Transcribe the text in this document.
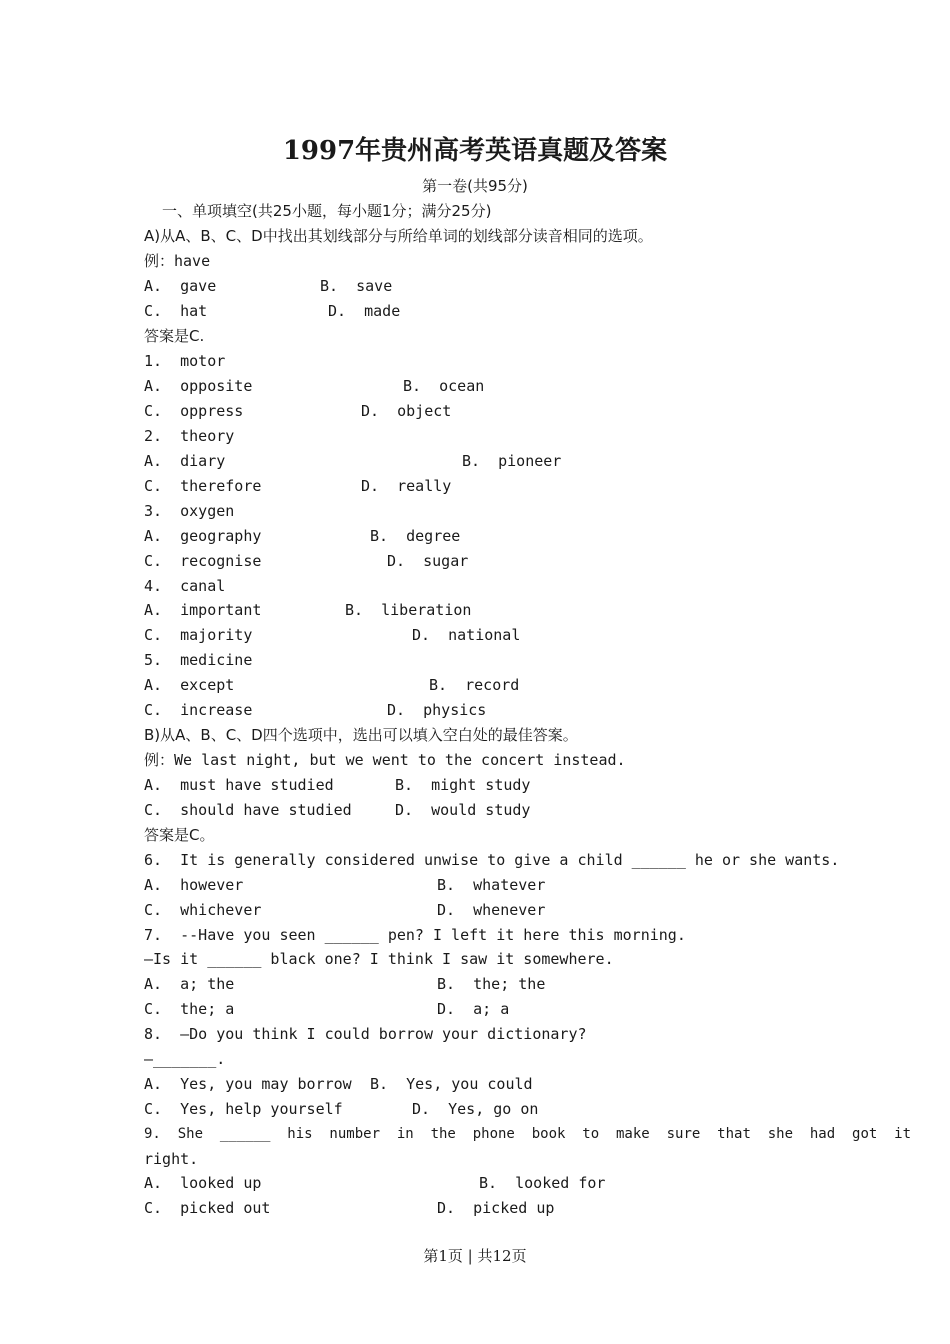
1997年贵州高考英语真题及答案
第一卷(共95分)
一、单项填空(共25小题，每小题1分；满分25分)
A)从A、B、C、D中找出其划线部分与所给单词的划线部分读音相同的选项。
例：have
A.  gave	B.  save
C.  hat	D.  made
答案是C.
1.  motor
A.  opposite	B.  ocean
C.  oppress	D.  object
2.  theory
A.  diary	B.  pioneer
C.  therefore	D.  really
3.  oxygen
A.  geography	B.  degree
C.  recognise	D.  sugar
4.  canal
A.  important	B.  liberation
C.  majority	D.  national
5.  medicine
A.  except	B.  record
C.  increase	D.  physics
B)从A、B、C、D四个选项中，选出可以填入空白处的最佳答案。
例：We last night, but we went to the concert instead.
A.  must have studied	B.  might study
C.  should have studied	D.  would study
答案是C。
6.  It is generally considered unwise to give a child ______ he or she wants.
A.  however	B.  whatever
C.  whichever	D.  whenever
7.  --Have you seen ______ pen? I left it here this morning.
—Is it ______ black one? I think I saw it somewhere.
A.  a; the	B.  the; the
C.  the; a	D.  a; a
8.  —Do you think I could borrow your dictionary?
—_______.
A.  Yes, you may borrow B.  Yes, you could
C.  Yes, help yourself	D.  Yes, go on
9.  She  ______  his  number  in  the  phone  book  to  make  sure  that  she  had  got  it
right.
A.  looked up	B.  looked for
C.  picked out	D.  picked up
第1页 | 共12页
